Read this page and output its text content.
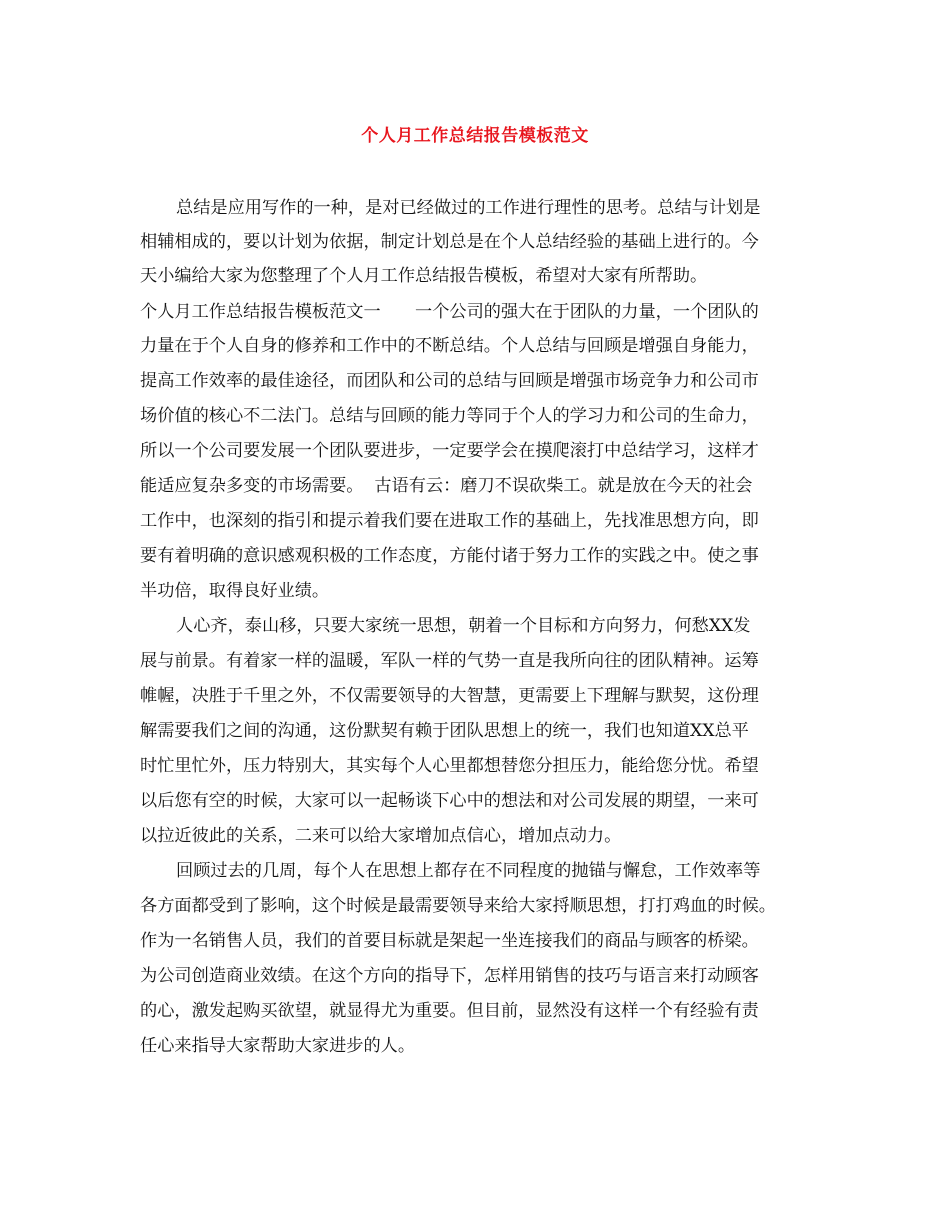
个人月工作总结报告模板范文
总结是应用写作的一种，是对已经做过的工作进行理性的思考。总结与计划是
相辅相成的，要以计划为依据，制定计划总是在个人总结经验的基础上进行的。今
天小编给大家为您整理了个人月工作总结报告模板，希望对大家有所帮助。
个人月工作总结报告模板范文一　　一个公司的强大在于团队的力量，一个团队的
力量在于个人自身的修养和工作中的不断总结。个人总结与回顾是增强自身能力，
提高工作效率的最佳途径，而团队和公司的总结与回顾是增强市场竞争力和公司市
场价值的核心不二法门。总结与回顾的能力等同于个人的学习力和公司的生命力，
所以一个公司要发展一个团队要进步，一定要学会在摸爬滚打中总结学习，这样才
能适应复杂多变的市场需要。  古语有云：磨刀不误砍柴工。就是放在今天的社会
工作中，也深刻的指引和提示着我们要在进取工作的基础上，先找准思想方向，即
要有着明确的意识感观积极的工作态度，方能付诸于努力工作的实践之中。使之事
半功倍，取得良好业绩。
人心齐，泰山移，只要大家统一思想，朝着一个目标和方向努力，何愁XX发
展与前景。有着家一样的温暖，军队一样的气势一直是我所向往的团队精神。运筹
帷幄，决胜于千里之外，不仅需要领导的大智慧，更需要上下理解与默契，这份理
解需要我们之间的沟通，这份默契有赖于团队思想上的统一，我们也知道XX总平
时忙里忙外，压力特别大，其实每个人心里都想替您分担压力，能给您分忧。希望
以后您有空的时候，大家可以一起畅谈下心中的想法和对公司发展的期望，一来可
以拉近彼此的关系，二来可以给大家增加点信心，增加点动力。
回顾过去的几周，每个人在思想上都存在不同程度的抛锚与懈怠，工作效率等
各方面都受到了影响，这个时候是最需要领导来给大家捋顺思想，打打鸡血的时候。
作为一名销售人员，我们的首要目标就是架起一坐连接我们的商品与顾客的桥梁。
为公司创造商业效绩。在这个方向的指导下，怎样用销售的技巧与语言来打动顾客
的心，激发起购买欲望，就显得尤为重要。但目前，显然没有这样一个有经验有责
任心来指导大家帮助大家进步的人。
